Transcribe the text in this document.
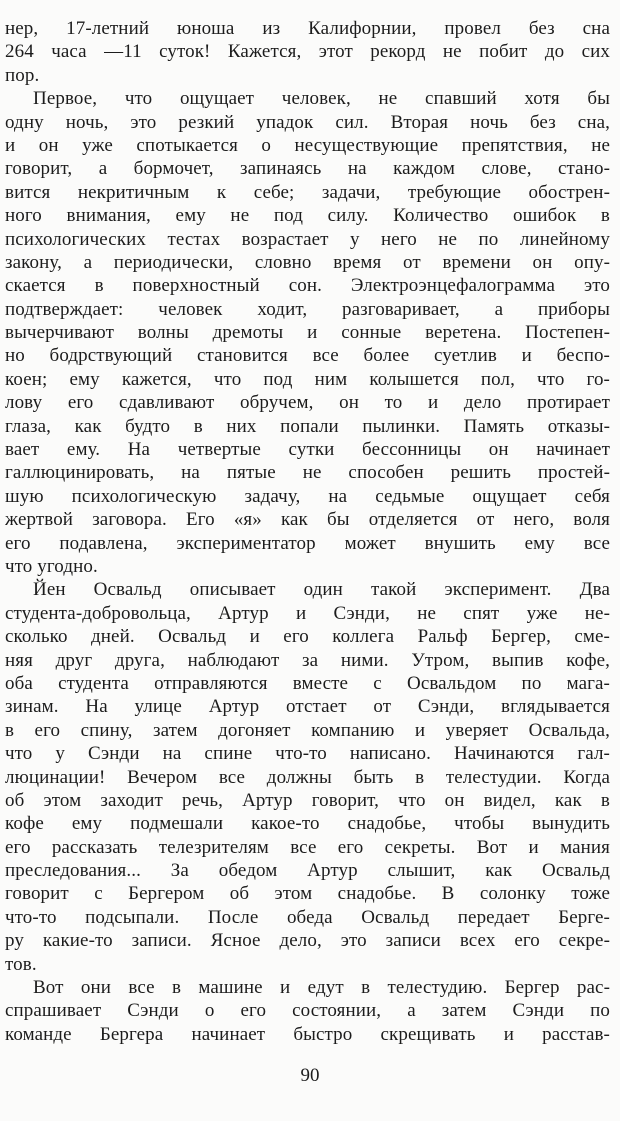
нер, 17-летний юноша из Калифорнии, провел без сна
264 часа —11 суток! Кажется, этот рекорд не побит до сих
пор.
Первое, что ощущает человек, не спавший хотя бы
одну ночь, это резкий упадок сил. Вторая ночь без сна,
и он уже спотыкается о несуществующие препятствия, не
говорит, а бормочет, запинаясь на каждом слове, стано-
вится некритичным к себе; задачи, требующие обострен-
ного внимания, ему не под силу. Количество ошибок в
психологических тестах возрастает у него не по линейному
закону, а периодически, словно время от времени он опу-
скается в поверхностный сон. Электроэнцефалограмма это
подтверждает: человек ходит, разговаривает, а приборы
вычерчивают волны дремоты и сонные веретена. Постепен-
но бодрствующий становится все более суетлив и беспо-
коен; ему кажется, что под ним колышется пол, что го-
лову его сдавливают обручем, он то и дело протирает
глаза, как будто в них попали пылинки. Память отказы-
вает ему. На четвертые сутки бессонницы он начинает
галлюцинировать, на пятые не способен решить простей-
шую психологическую задачу, на седьмые ощущает себя
жертвой заговора. Его «я» как бы отделяется от него, воля
его подавлена, экспериментатор может внушить ему все
что угодно.
Йен Освальд описывает один такой эксперимент. Два
студента-добровольца, Артур и Сэнди, не спят уже не-
сколько дней. Освальд и его коллега Ральф Бергер, сме-
няя друг друга, наблюдают за ними. Утром, выпив кофе,
оба студента отправляются вместе с Освальдом по мага-
зинам. На улице Артур отстает от Сэнди, вглядывается
в его спину, затем догоняет компанию и уверяет Освальда,
что у Сэнди на спине что-то написано. Начинаются гал-
люцинации! Вечером все должны быть в телестудии. Когда
об этом заходит речь, Артур говорит, что он видел, как в
кофе ему подмешали какое-то снадобье, чтобы вынудить
его рассказать телезрителям все его секреты. Вот и мания
преследования... За обедом Артур слышит, как Освальд
говорит с Бергером об этом снадобье. В солонку тоже
что-то подсыпали. После обеда Освальд передает Берге-
ру какие-то записи. Ясное дело, это записи всех его секре-
тов.
Вот они все в машине и едут в телестудию. Бергер рас-
спрашивает Сэнди о его состоянии, а затем Сэнди по
команде Бергера начинает быстро скрещивать и расстав-
90
